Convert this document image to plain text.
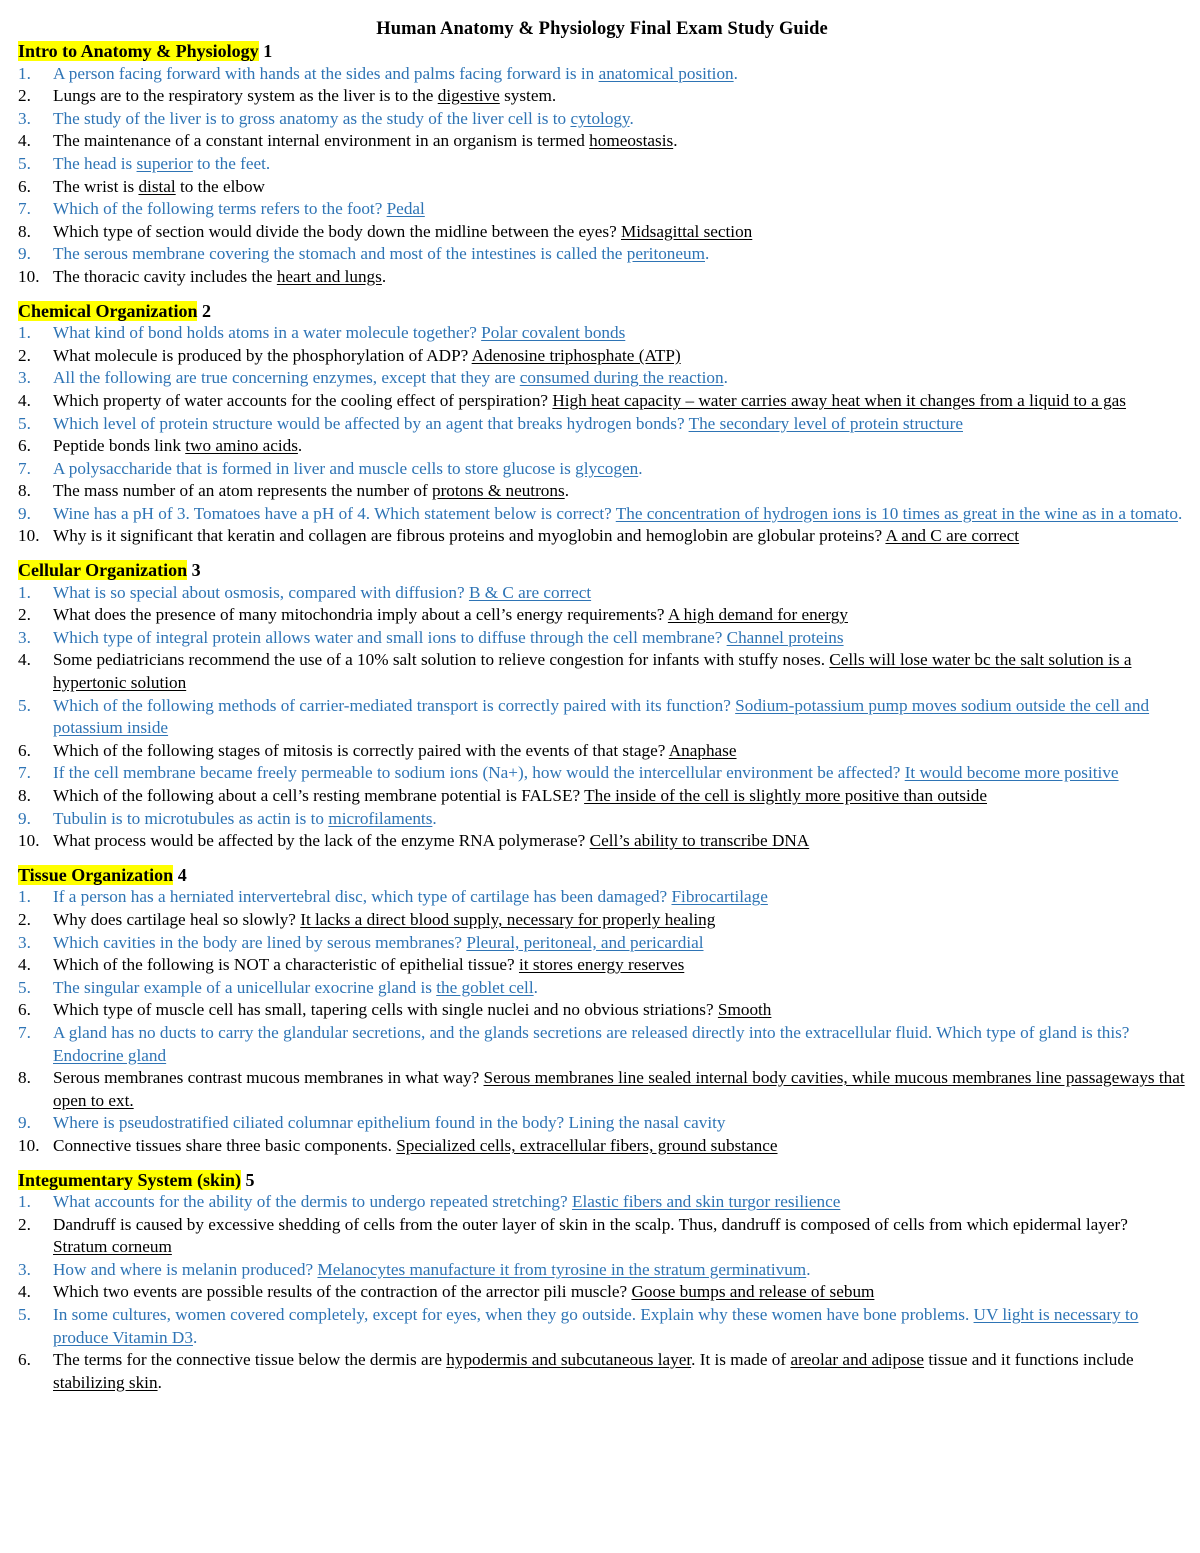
Human Anatomy & Physiology Final Exam Study Guide
Intro to Anatomy & Physiology 1
1. A person facing forward with hands at the sides and palms facing forward is in anatomical position.
2. Lungs are to the respiratory system as the liver is to the digestive system.
3. The study of the liver is to gross anatomy as the study of the liver cell is to cytology.
4. The maintenance of a constant internal environment in an organism is termed homeostasis.
5. The head is superior to the feet.
6. The wrist is distal to the elbow
7. Which of the following terms refers to the foot? Pedal
8. Which type of section would divide the body down the midline between the eyes? Midsagittal section
9. The serous membrane covering the stomach and most of the intestines is called the peritoneum.
10. The thoracic cavity includes the heart and lungs.
Chemical Organization 2
1. What kind of bond holds atoms in a water molecule together? Polar covalent bonds
2. What molecule is produced by the phosphorylation of ADP? Adenosine triphosphate (ATP)
3. All the following are true concerning enzymes, except that they are consumed during the reaction.
4. Which property of water accounts for the cooling effect of perspiration? High heat capacity – water carries away heat when it changes from a liquid to a gas
5. Which level of protein structure would be affected by an agent that breaks hydrogen bonds? The secondary level of protein structure
6. Peptide bonds link two amino acids.
7. A polysaccharide that is formed in liver and muscle cells to store glucose is glycogen.
8. The mass number of an atom represents the number of protons & neutrons.
9. Wine has a pH of 3. Tomatoes have a pH of 4. Which statement below is correct? The concentration of hydrogen ions is 10 times as great in the wine as in a tomato.
10. Why is it significant that keratin and collagen are fibrous proteins and myoglobin and hemoglobin are globular proteins? A and C are correct
Cellular Organization 3
1. What is so special about osmosis, compared with diffusion? B & C are correct
2. What does the presence of many mitochondria imply about a cell’s energy requirements? A high demand for energy
3. Which type of integral protein allows water and small ions to diffuse through the cell membrane? Channel proteins
4. Some pediatricians recommend the use of a 10% salt solution to relieve congestion for infants with stuffy noses. Cells will lose water bc the salt solution is a hypertonic solution
5. Which of the following methods of carrier-mediated transport is correctly paired with its function? Sodium-potassium pump moves sodium outside the cell and potassium inside
6. Which of the following stages of mitosis is correctly paired with the events of that stage? Anaphase
7. If the cell membrane became freely permeable to sodium ions (Na+), how would the intercellular environment be affected? It would become more positive
8. Which of the following about a cell’s resting membrane potential is FALSE? The inside of the cell is slightly more positive than outside
9. Tubulin is to microtubules as actin is to microfilaments.
10. What process would be affected by the lack of the enzyme RNA polymerase? Cell’s ability to transcribe DNA
Tissue Organization 4
1. If a person has a herniated intervertebral disc, which type of cartilage has been damaged? Fibrocartilage
2. Why does cartilage heal so slowly? It lacks a direct blood supply, necessary for properly healing
3. Which cavities in the body are lined by serous membranes? Pleural, peritoneal, and pericardial
4. Which of the following is NOT a characteristic of epithelial tissue? it stores energy reserves
5. The singular example of a unicellular exocrine gland is the goblet cell.
6. Which type of muscle cell has small, tapering cells with single nuclei and no obvious striations? Smooth
7. A gland has no ducts to carry the glandular secretions, and the glands secretions are released directly into the extracellular fluid. Which type of gland is this? Endocrine gland
8. Serous membranes contrast mucous membranes in what way? Serous membranes line sealed internal body cavities, while mucous membranes line passageways that open to ext.
9. Where is pseudostratified ciliated columnar epithelium found in the body? Lining the nasal cavity
10. Connective tissues share three basic components. Specialized cells, extracellular fibers, ground substance
Integumentary System (skin) 5
1. What accounts for the ability of the dermis to undergo repeated stretching? Elastic fibers and skin turgor resilience
2. Dandruff is caused by excessive shedding of cells from the outer layer of skin in the scalp. Thus, dandruff is composed of cells from which epidermal layer? Stratum corneum
3. How and where is melanin produced? Melanocytes manufacture it from tyrosine in the stratum germinativum.
4. Which two events are possible results of the contraction of the arrector pili muscle? Goose bumps and release of sebum
5. In some cultures, women covered completely, except for eyes, when they go outside. Explain why these women have bone problems. UV light is necessary to produce Vitamin D3.
6. The terms for the connective tissue below the dermis are hypodermis and subcutaneous layer. It is made of areolar and adipose tissue and it functions include stabilizing skin.
